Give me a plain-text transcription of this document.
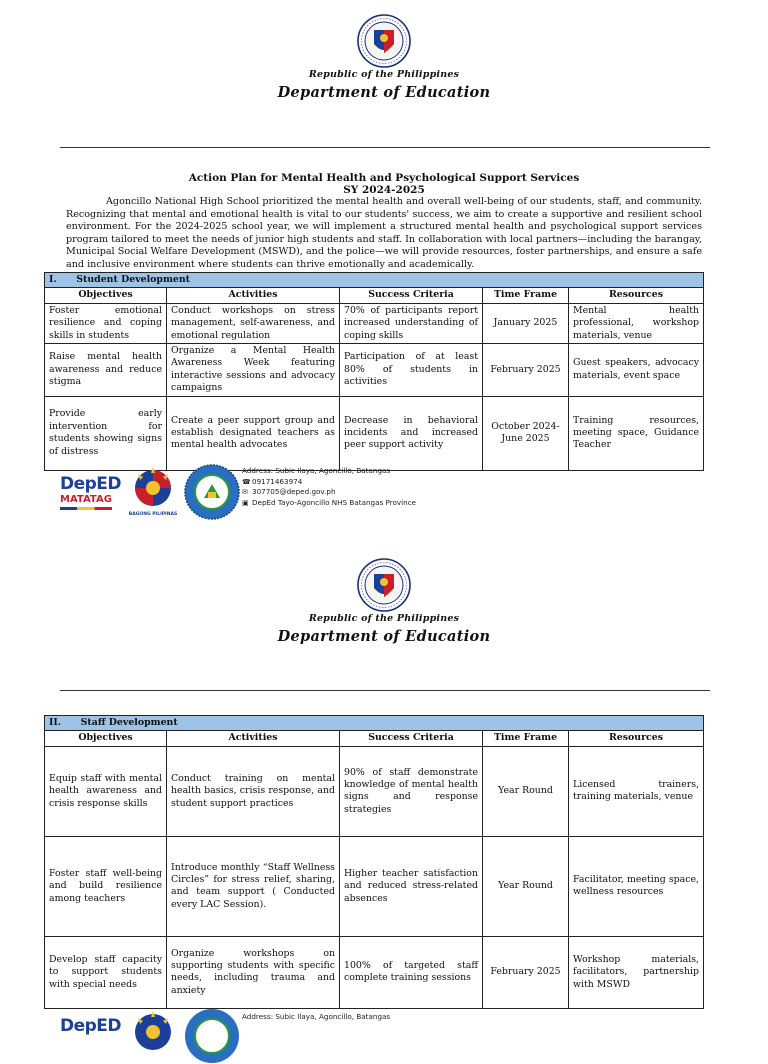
Republic of the Philippines
Department of Education
Action Plan for Mental Health and Psychological Support Services
SY 2024-2025
Agoncillo National High School prioritized the mental health and overall well-being of our students, staff, and community. Recognizing that mental and emotional health is vital to our students' success, we aim to create a supportive and resilient school environment. For the 2024-2025 school year, we will implement a structured mental health and psychological support services program tailored to meet the needs of junior high students and staff. In collaboration with local partners—including the barangay, Municipal Social Welfare Development (MSWD), and the police—we will provide resources, foster partnerships, and ensure a safe and inclusive environment where students can thrive emotionally and academically.
I. Student Development				
Objectives	Activities	Success Criteria	Time Frame	Resources
Foster emotional resilience and coping skills in students	Conduct workshops on stress management, self-awareness, and emotional regulation	70% of participants report increased understanding of coping skills	January 2025	Mental health professional, workshop materials, venue
Raise mental health awareness and reduce stigma	Organize a Mental Health Awareness Week featuring interactive sessions and advocacy campaigns	Participation of at least 80% of students in activities	February 2025	Guest speakers, advocacy materials, event space
Provide early intervention for students showing signs of distress	Create a peer support group and establish designated teachers as mental health advocates	Decrease in behavioral incidents and increased peer support activity	October 2024-June 2025	Training resources, meeting space, Guidance Teacher
DepED
MATATAG
BAGONG PILIPINAS
Address: Subic Ilaya, Agoncillo, Batangas
☎09171463974
✉ 307705@deped.gov.ph
▣ DepEd Tayo-Agoncillo NHS Batangas Province
Republic of the Philippines
Department of Education
II. Staff Development				
Objectives	Activities	Success Criteria	Time Frame	Resources
Equip staff with mental health awareness and crisis response skills	Conduct training on mental health basics, crisis response, and student support practices	90% of staff demonstrate knowledge of mental health signs and response strategies	Year Round	Licensed trainers, training materials, venue
Foster staff well-being and build resilience among teachers	Introduce monthly “Staff Wellness Circles” for stress relief, sharing, and team support ( Conducted every LAC Session).	Higher teacher satisfaction and reduced stress-related absences	Year Round	Facilitator, meeting space, wellness resources
Develop staff capacity to support students with special needs	Organize workshops on supporting students with specific needs, including trauma and anxiety	100% of targeted staff complete training sessions	February 2025	Workshop materials, facilitators, partnership with MSWD
DepED	Address: Subic Ilaya, Agoncillo, Batangas
